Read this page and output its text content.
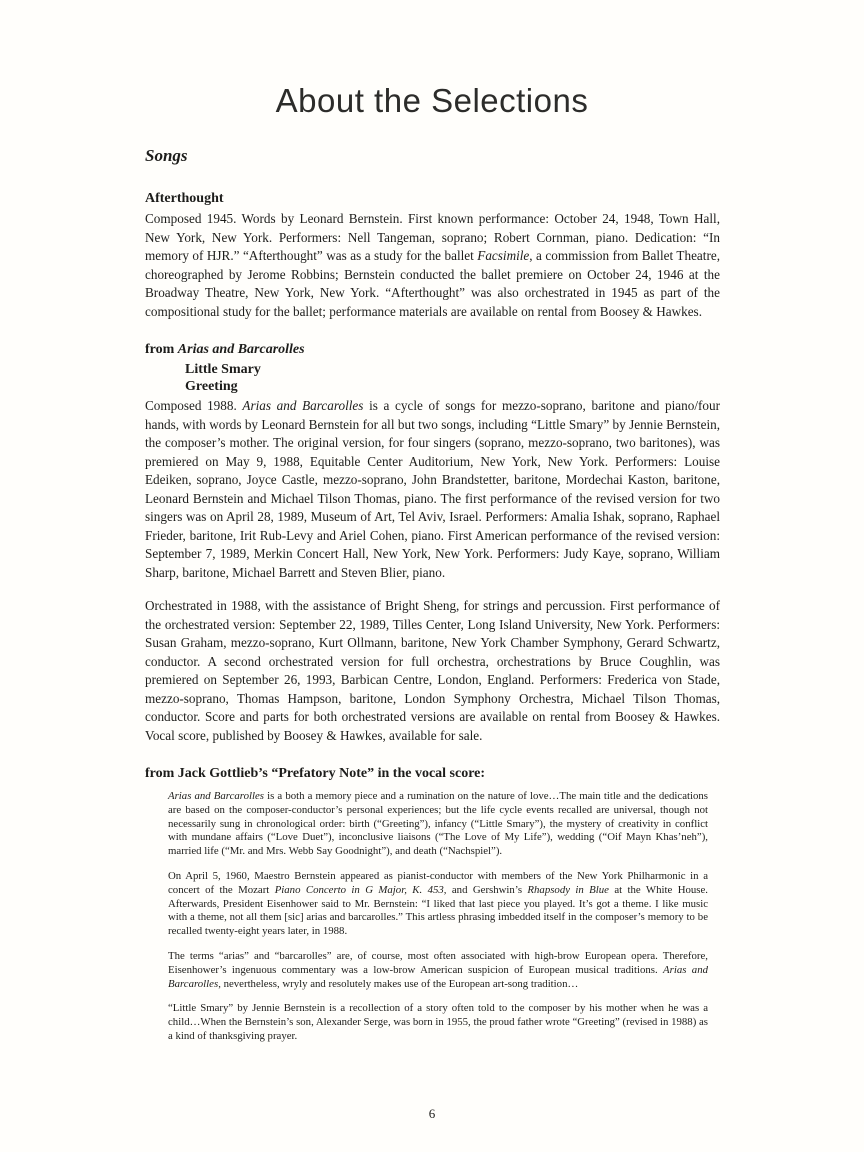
About the Selections
Songs
Afterthought

Composed 1945. Words by Leonard Bernstein. First known performance: October 24, 1948, Town Hall, New York, New York. Performers: Nell Tangeman, soprano; Robert Cornman, piano. Dedication: “In memory of HJR.” “Afterthought” was as a study for the ballet Facsimile, a commission from Ballet Theatre, choreographed by Jerome Robbins; Bernstein conducted the ballet premiere on October 24, 1946 at the Broadway Theatre, New York, New York. “Afterthought” was also orchestrated in 1945 as part of the compositional study for the ballet; performance materials are available on rental from Boosey & Hawkes.

from Arias and Barcarolles
Little Smary
Greeting

Composed 1988. Arias and Barcarolles is a cycle of songs for mezzo-soprano, baritone and piano/four hands, with words by Leonard Bernstein for all but two songs, including “Little Smary” by Jennie Bernstein, the composer’s mother. The original version, for four singers (soprano, mezzo-soprano, two baritones), was premiered on May 9, 1988, Equitable Center Auditorium, New York, New York. Performers: Louise Edeiken, soprano, Joyce Castle, mezzo-soprano, John Brandstetter, baritone, Mordechai Kaston, baritone, Leonard Bernstein and Michael Tilson Thomas, piano. The first performance of the revised version for two singers was on April 28, 1989, Museum of Art, Tel Aviv, Israel. Performers: Amalia Ishak, soprano, Raphael Frieder, baritone, Irit Rub-Levy and Ariel Cohen, piano. First American performance of the revised version: September 7, 1989, Merkin Concert Hall, New York, New York. Performers: Judy Kaye, soprano, William Sharp, baritone, Michael Barrett and Steven Blier, piano.

Orchestrated in 1988, with the assistance of Bright Sheng, for strings and percussion. First performance of the orchestrated version: September 22, 1989, Tilles Center, Long Island University, New York. Performers: Susan Graham, mezzo-soprano, Kurt Ollmann, baritone, New York Chamber Symphony, Gerard Schwartz, conductor. A second orchestrated version for full orchestra, orchestrations by Bruce Coughlin, was premiered on September 26, 1993, Barbican Centre, London, England. Performers: Frederica von Stade, mezzo-soprano, Thomas Hampson, baritone, London Symphony Orchestra, Michael Tilson Thomas, conductor. Score and parts for both orchestrated versions are available on rental from Boosey & Hawkes. Vocal score, published by Boosey & Hawkes, available for sale.

from Jack Gottlieb’s “Prefatory Note” in the vocal score:
Arias and Barcarolles is a both a memory piece and a rumination on the nature of love…The main title and the dedications are based on the composer-conductor’s personal experiences; but the life cycle events recalled are universal, though not necessarily sung in chronological order: birth (“Greeting”), infancy (“Little Smary”), the mystery of creativity in conflict with mundane affairs (“Love Duet”), inconclusive liaisons (“The Love of My Life”), wedding (“Oif Mayn Khas’neh”), married life (“Mr. and Mrs. Webb Say Goodnight”), and death (“Nachspiel”).
On April 5, 1960, Maestro Bernstein appeared as pianist-conductor with members of the New York Philharmonic in a concert of the Mozart Piano Concerto in G Major, K. 453, and Gershwin’s Rhapsody in Blue at the White House. Afterwards, President Eisenhower said to Mr. Bernstein: “I liked that last piece you played. It’s got a theme. I like music with a theme, not all them [sic] arias and barcarolles.” This artless phrasing imbedded itself in the composer’s memory to be recalled twenty-eight years later, in 1988.
The terms “arias” and “barcarolles” are, of course, most often associated with high-brow European opera. Therefore, Eisenhower’s ingenuous commentary was a low-brow American suspicion of European musical traditions. Arias and Barcarolles, nevertheless, wryly and resolutely makes use of the European art-song tradition…
“Little Smary” by Jennie Bernstein is a recollection of a story often told to the composer by his mother when he was a child…When the Bernstein’s son, Alexander Serge, was born in 1955, the proud father wrote “Greeting” (revised in 1988) as a kind of thanksgiving prayer.
6
